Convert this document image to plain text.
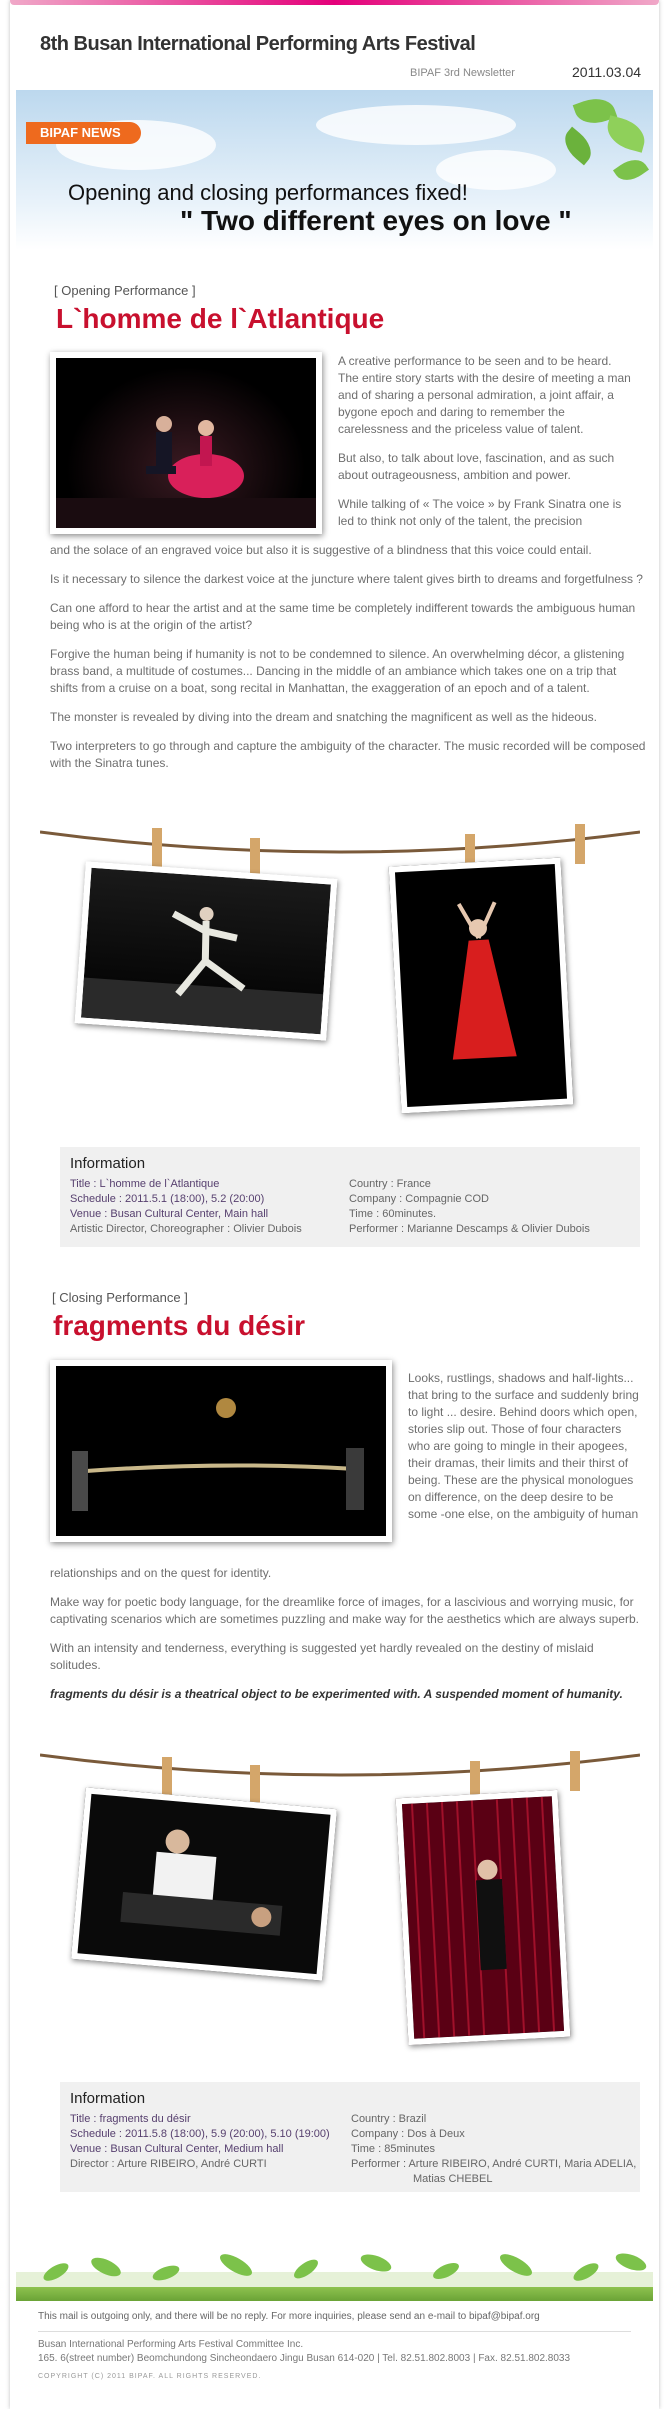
8th Busan International Performing Arts Festival
BIPAF 3rd Newsletter	2011.03.04
BIPAF NEWS
Opening and closing performances fixed!
" Two different eyes on love "
[ Opening Performance ]
L`homme de l`Atlantique

A creative performance to be seen and to be heard. The entire story starts with the desire of meeting a man and of sharing a personal admiration, a joint affair, a bygone epoch and daring to remember the carelessness and the priceless value of talent.

But also, to talk about love, fascination, and as such about outrageousness, ambition and power.

While talking of « The voice » by Frank Sinatra one is led to think not only of the talent, the precision

and the solace of an engraved voice but also it is suggestive of a blindness that this voice could entail.

Is it necessary to silence the darkest voice at the juncture where talent gives birth to dreams and forgetfulness ?

Can one afford to hear the artist and at the same time be completely indifferent towards the ambiguous human being who is at the origin of the artist?

Forgive the human being if humanity is not to be condemned to silence. An overwhelming décor, a glistening brass band, a multitude of costumes... Dancing in the middle of an ambiance which takes one on a trip that shifts from a cruise on a boat, song recital in Manhattan, the exaggeration of an epoch and of a talent.

The monster is revealed by diving into the dream and snatching the magnificent as well as the hideous.

Two interpreters to go through and capture the ambiguity of the character. The music recorded will be composed with the Sinatra tunes.

Information
Title : L`homme de l`Atlantique
Schedule : 2011.5.1 (18:00), 5.2 (20:00)
Venue : Busan Cultural Center, Main hall
Artistic Director, Choreographer : Olivier Dubois
Country : France
Company : Compagnie COD
Time : 60minutes.
Performer : Marianne Descamps & Olivier Dubois
[ Closing Performance ]
fragments du désir

Looks, rustlings, shadows and half-lights... that bring to the surface and suddenly bring to light ... desire. Behind doors which open, stories slip out. Those of four characters who are going to mingle in their apogees, their dramas, their limits and their thirst of being. These are the physical monologues on difference, on the deep desire to be some -one else, on the ambiguity of human

relationships and on the quest for identity.

Make way for poetic body language, for the dreamlike force of images, for a lascivious and worrying music, for captivating scenarios which are sometimes puzzling and make way for the aesthetics which are always superb.

With an intensity and tenderness, everything is suggested yet hardly revealed on the destiny of mislaid solitudes.

fragments du désir is a theatrical object to be experimented with. A suspended moment of humanity.

Information
Title : fragments du désir
Schedule : 2011.5.8 (18:00), 5.9 (20:00), 5.10 (19:00)
Venue : Busan Cultural Center, Medium hall
Director : Arture RIBEIRO, André CURTI
Country : Brazil
Company : Dos à Deux
Time : 85minutes
Performer : Arture RIBEIRO, André CURTI, Maria ADELIA,
Matias CHEBEL
This mail is outgoing only, and there will be no reply. For more inquiries, please send an e-mail to bipaf@bipaf.org
Busan International Performing Arts Festival Committee Inc.
165. 6(street number) Beomchundong Sincheondaero Jingu Busan 614-020 | Tel. 82.51.802.8003 | Fax. 82.51.802.8033
COPYRIGHT (C) 2011 BIPAF. ALL RIGHTS RESERVED.
